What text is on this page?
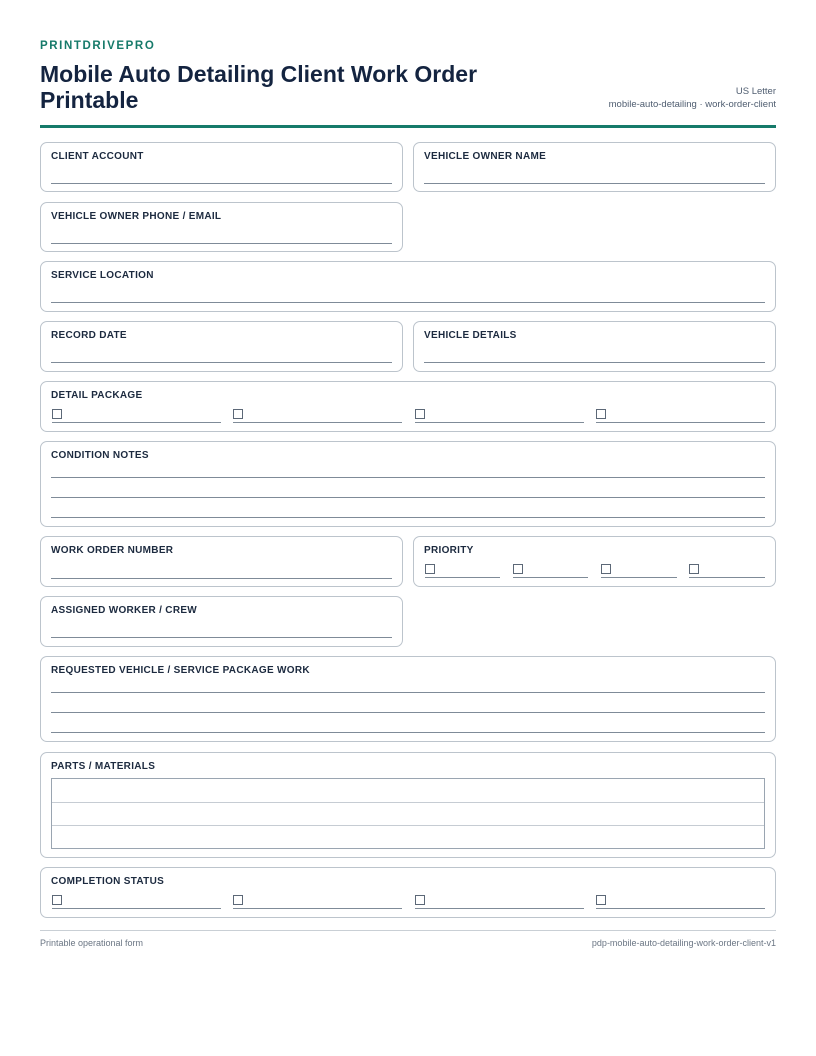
PRINTDRIVEPRO
Mobile Auto Detailing Client Work Order Printable	US Letter
mobile-auto-detailing · work-order-client
CLIENT ACCOUNT	VEHICLE OWNER NAME
VEHICLE OWNER PHONE / EMAIL
SERVICE LOCATION
RECORD DATE	VEHICLE DETAILS
DETAIL PACKAGE
CONDITION NOTES
WORK ORDER NUMBER	PRIORITY
ASSIGNED WORKER / CREW
REQUESTED VEHICLE / SERVICE PACKAGE WORK
PARTS / MATERIALS
COMPLETION STATUS
Printable operational form	pdp-mobile-auto-detailing-work-order-client-v1
